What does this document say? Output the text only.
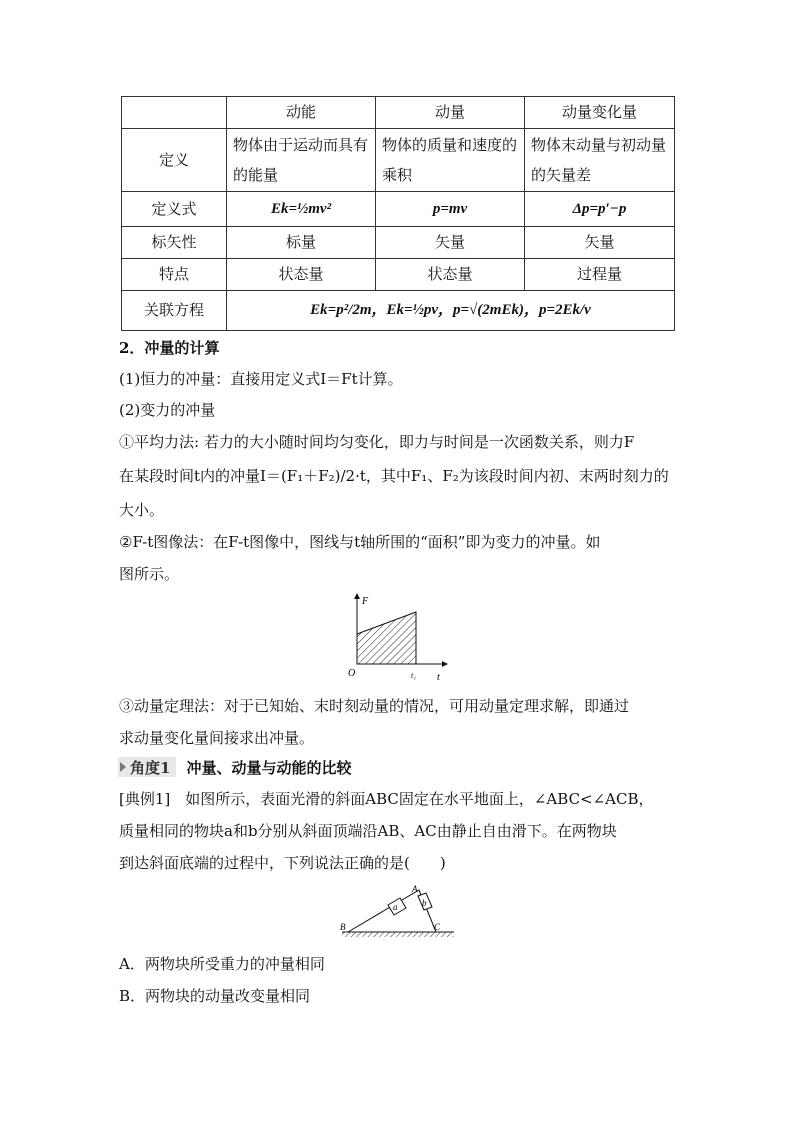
	动能	动量	动量变化量
定义	物体由于运动而具有的能量	物体的质量和速度的乘积	物体末动量与初动量的矢量差
定义式	Ek=½mv²	p=mv	Δp=p′−p
标矢性	标量	矢量	矢量
特点	状态量	状态量	过程量
关联方程	Ek=p²/2m，Ek=½pv，p=√(2mEk)，p=2Ek/v		
2．冲量的计算
(1)恒力的冲量：直接用定义式I＝Ft计算。
(2)变力的冲量
①平均力法: 若力的大小随时间均匀变化，即力与时间是一次函数关系，则力F
在某段时间t内的冲量I＝(F₁＋F₂)/2·t，其中F₁、F₂为该段时间内初、末两时刻力的
大小。
②F-t图像法：在F-t图像中，图线与t轴所围的“面积”即为变力的冲量。如
图所示。
F
t
O	t₁
③动量定理法：对于已知始、末时刻动量的情况，可用动量定理求解，即通过
求动量变化量间接求出冲量。
角度1 冲量、动量与动能的比较
[典例1]　如图所示，表面光滑的斜面ABC固定在水平地面上，∠ABC<∠ACB，
质量相同的物块a和b分别从斜面顶端沿AB、AC由静止自由滑下。在两物块
到达斜面底端的过程中，下列说法正确的是(　　)
a	b
A
B	C
A．两物块所受重力的冲量相同
B．两物块的动量改变量相同
